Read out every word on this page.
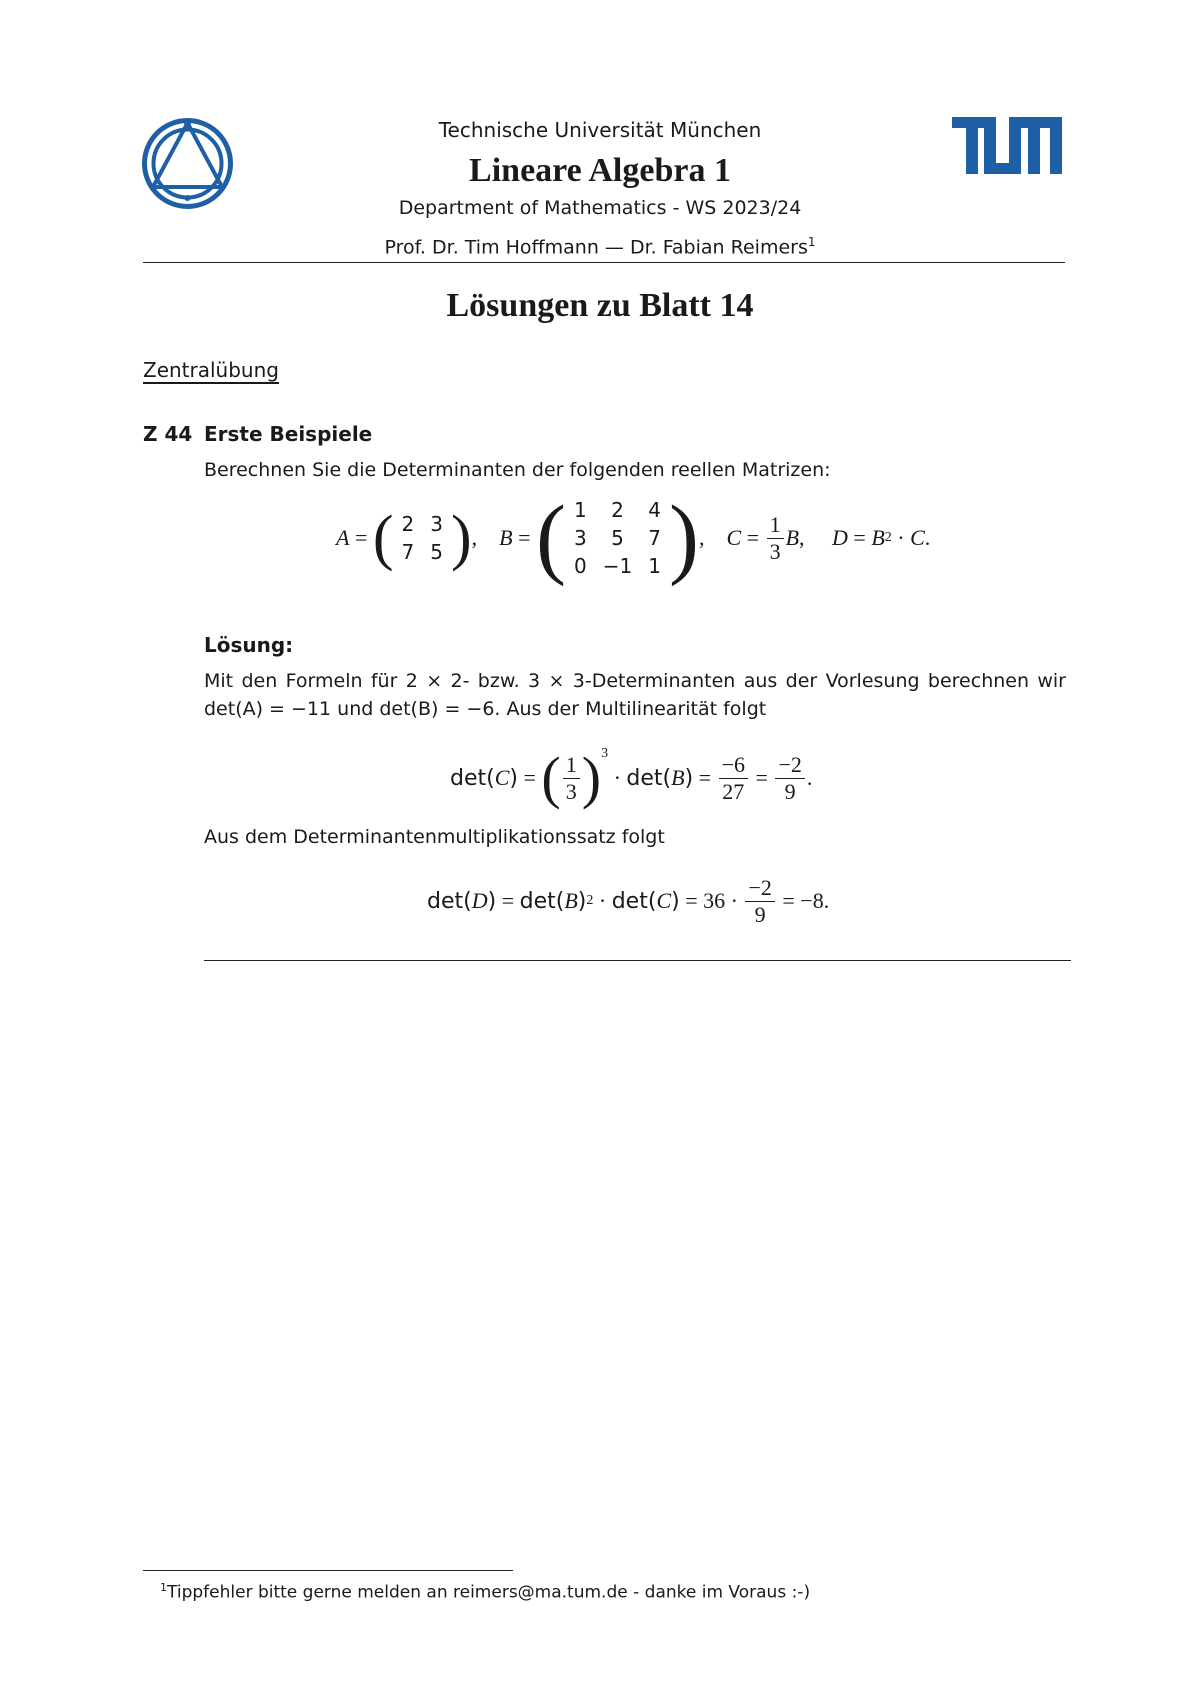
Technische Universität München
Lineare Algebra 1
Department of Mathematics - WS 2023/24
Prof. Dr. Tim Hoffmann — Dr. Fabian Reimers$^1$
Lösungen zu Blatt 14
Zentralübung
Z 44 Erste Beispiele
Berechnen Sie die Determinanten der folgenden reellen Matrizen:
A = ( 2	3
7	5 ) , B = ( 1	2	4
3	5	7
0	−1	1 ) , $C = \frac{1}{3}$ B , D = B 2 · C .
Lösung:
Mit den Formeln für 2 × 2- bzw. 3 × 3-Determinanten aus der Vorlesung berechnen wir
det(A) = −11 und det(B) = −6. Aus der Multilinearität folgt
det( C ) = ( $\frac{1}{3} )^3$
· det( B ) = $\frac{-6}{27} = \frac{-2}{9}$ .
Aus dem Determinantenmultiplikationssatz folgt
det( D ) = det( B ) 2 · det( C ) = $36 \cdot \frac{-2}{9} = -8$.
$^1$Tippfehler bitte gerne melden an reimers@ma.tum.de - danke im Voraus :-)
